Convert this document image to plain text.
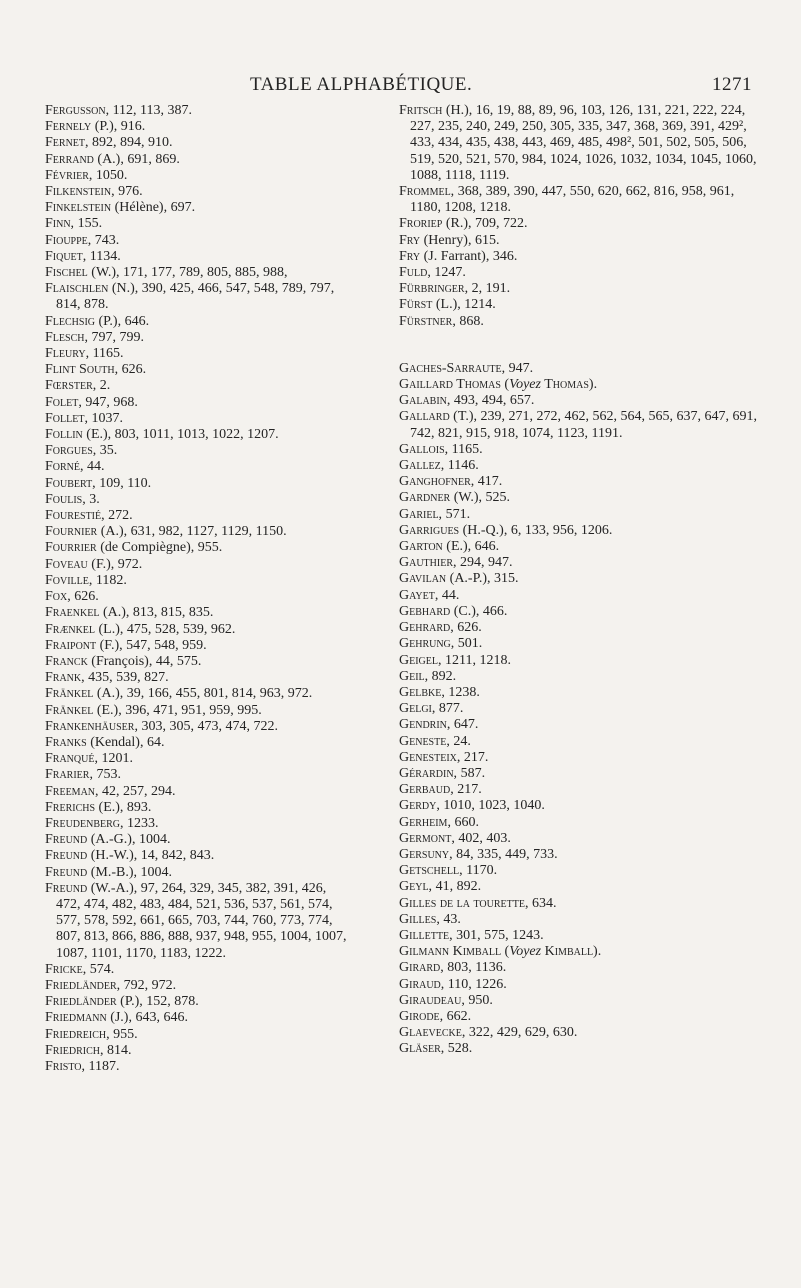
TABLE ALPHABÉTIQUE.	1271

Fergusson, 112, 113, 387.

Fernely (P.), 916.

Fernet, 892, 894, 910.

Ferrand (A.), 691, 869.

Février, 1050.

Filkenstein, 976.

Finkelstein (Hélène), 697.

Finn, 155.

Fiouppe, 743.

Fiquet, 1134.

Fischel (W.), 171, 177, 789, 805, 885, 988,

Flaischlen (N.), 390, 425, 466, 547, 548, 789, 797, 814, 878.

Flechsig (P.), 646.

Flesch, 797, 799.

Fleury, 1165.

Flint South, 626.

Fœrster, 2.

Folet, 947, 968.

Follet, 1037.

Follin (E.), 803, 1011, 1013, 1022, 1207.

Forgues, 35.

Forné, 44.

Foubert, 109, 110.

Foulis, 3.

Fourestié, 272.

Fournier (A.), 631, 982, 1127, 1129, 1150.

Fourrier (de Compiègne), 955.

Foveau (F.), 972.

Foville, 1182.

Fox, 626.

Fraenkel (A.), 813, 815, 835.

Frænkel (L.), 475, 528, 539, 962.

Fraipont (F.), 547, 548, 959.

Franck (François), 44, 575.

Frank, 435, 539, 827.

Fränkel (A.), 39, 166, 455, 801, 814, 963, 972.

Fränkel (E.), 396, 471, 951, 959, 995.

Frankenhäuser, 303, 305, 473, 474, 722.

Franks (Kendal), 64.

Franqué, 1201.

Frarier, 753.

Freeman, 42, 257, 294.

Frerichs (E.), 893.

Freudenberg, 1233.

Freund (A.-G.), 1004.

Freund (H.-W.), 14, 842, 843.

Freund (M.-B.), 1004.

Freund (W.-A.), 97, 264, 329, 345, 382, 391, 426, 472, 474, 482, 483, 484, 521, 536, 537, 561, 574, 577, 578, 592, 661, 665, 703, 744, 760, 773, 774, 807, 813, 866, 886, 888, 937, 948, 955, 1004, 1007, 1087, 1101, 1170, 1183, 1222.

Fricke, 574.

Friedländer, 792, 972.

Friedländer (P.), 152, 878.

Friedmann (J.), 643, 646.

Friedreich, 955.

Friedrich, 814.

Fristo, 1187.

Fritsch (H.), 16, 19, 88, 89, 96, 103, 126, 131, 221, 222, 224, 227, 235, 240, 249, 250, 305, 335, 347, 368, 369, 391, 429², 433, 434, 435, 438, 443, 469, 485, 498², 501, 502, 505, 506, 519, 520, 521, 570, 984, 1024, 1026, 1032, 1034, 1045, 1060, 1088, 1118, 1119.

Frommel, 368, 389, 390, 447, 550, 620, 662, 816, 958, 961, 1180, 1208, 1218.

Froriep (R.), 709, 722.

Fry (Henry), 615.

Fry (J. Farrant), 346.

Fuld, 1247.

Fürbringer, 2, 191.

Fürst (L.), 1214.

Fürstner, 868.

Gaches-Sarraute, 947.

Gaillard Thomas (Voyez Thomas).

Galabin, 493, 494, 657.

Gallard (T.), 239, 271, 272, 462, 562, 564, 565, 637, 647, 691, 742, 821, 915, 918, 1074, 1123, 1191.

Gallois, 1165.

Gallez, 1146.

Ganghofner, 417.

Gardner (W.), 525.

Gariel, 571.

Garrigues (H.-Q.), 6, 133, 956, 1206.

Garton (E.), 646.

Gauthier, 294, 947.

Gavilan (A.-P.), 315.

Gayet, 44.

Gebhard (C.), 466.

Gehrard, 626.

Gehrung, 501.

Geigel, 1211, 1218.

Geil, 892.

Gelbke, 1238.

Gelgi, 877.

Gendrin, 647.

Geneste, 24.

Genesteix, 217.

Gérardin, 587.

Gerbaud, 217.

Gerdy, 1010, 1023, 1040.

Gerheim, 660.

Germont, 402, 403.

Gersuny, 84, 335, 449, 733.

Getschell, 1170.

Geyl, 41, 892.

Gilles de la tourette, 634.

Gilles, 43.

Gillette, 301, 575, 1243.

Gilmann Kimball (Voyez Kimball).

Girard, 803, 1136.

Giraud, 110, 1226.

Giraudeau, 950.

Girode, 662.

Glaevecke, 322, 429, 629, 630.

Gläser, 528.
